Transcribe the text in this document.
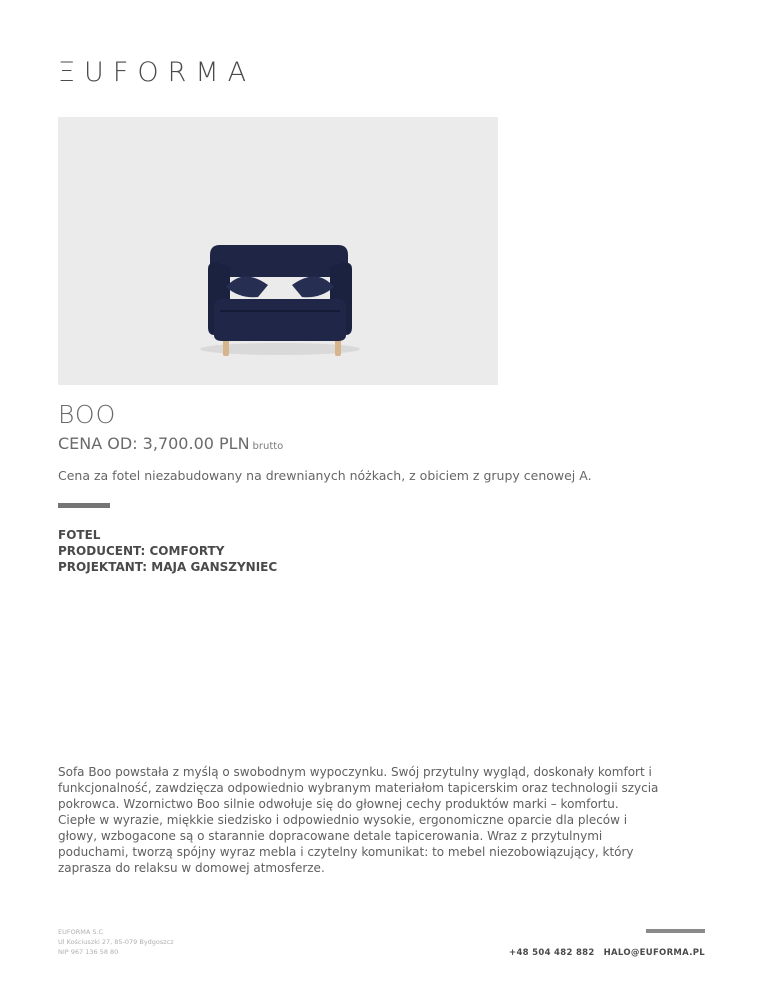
ΞUFORMA
BOO
CENA OD: 3,700.00 PLN brutto
Cena za fotel niezabudowany na drewnianych nóżkach, z obiciem z grupy cenowej A.
FOTEL
PRODUCENT: COMFORTY
PROJEKTANT: MAJA GANSZYNIEC
Sofa Boo powstała z myślą o swobodnym wypoczynku. Swój przytulny wygląd, doskonały komfort i
funkcjonalność, zawdzięcza odpowiednio wybranym materiałom tapicerskim oraz technologii szycia
pokrowca. Wzornictwo Boo silnie odwołuje się do głownej cechy produktów marki – komfortu.
Ciepłe w wyrazie, miękkie siedzisko i odpowiednio wysokie, ergonomiczne oparcie dla pleców i
głowy, wzbogacone są o starannie dopracowane detale tapicerowania. Wraz z przytulnymi
poduchami, tworzą spójny wyraz mebla i czytelny komunikat: to mebel niezobowiązujący, który
zaprasza do relaksu w domowej atmosferze.
EUFORMA S.C
Ul Kościuszki 27, 85-079 Bydgoszcz
NIP 967 136 58 80	+48 504 482 882 HALO@EUFORMA.PL
